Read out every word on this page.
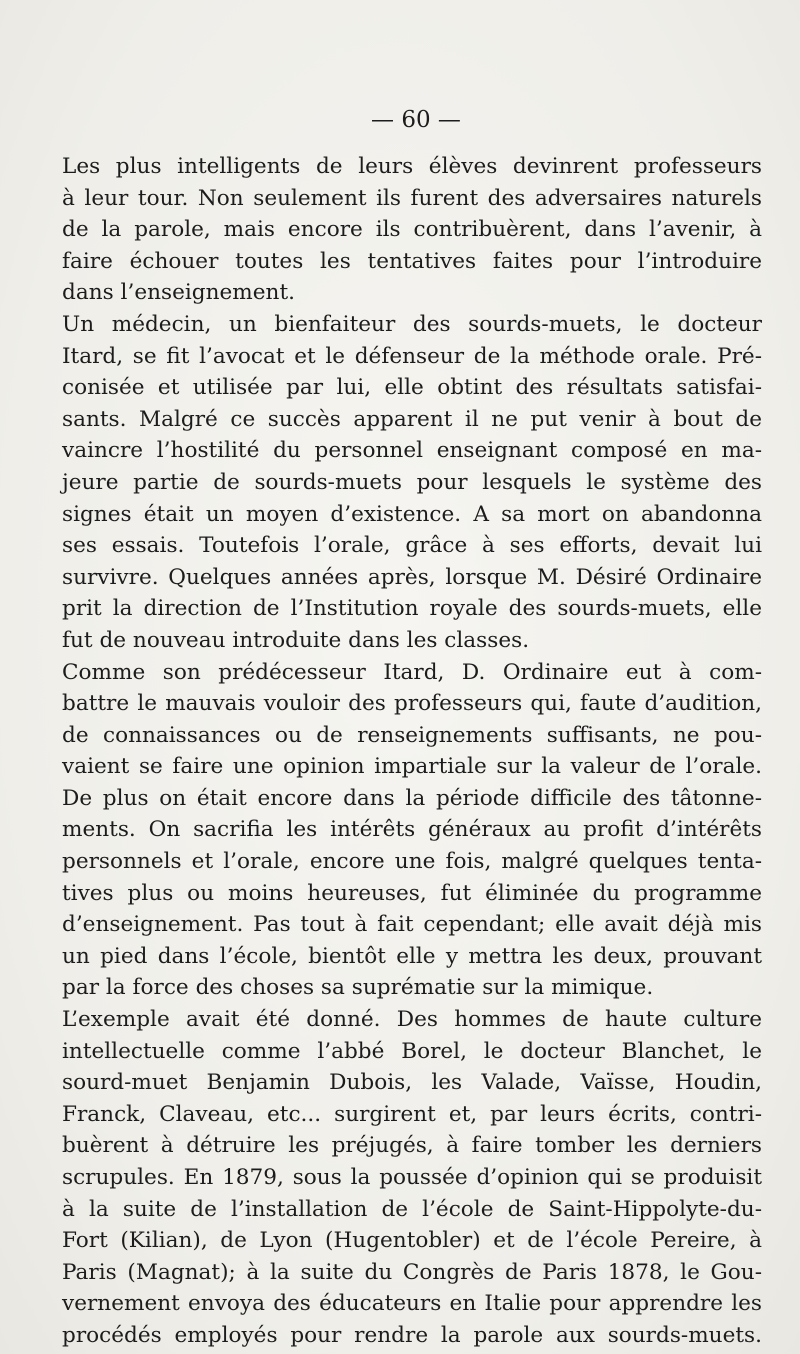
— 60 —
Les plus intelligents de leurs élèves devinrent professeurs
à leur tour. Non seulement ils furent des adversaires naturels
de la parole, mais encore ils contribuèrent, dans l’avenir, à
faire échouer toutes les tentatives faites pour l’introduire
dans l’enseignement.
Un médecin, un bienfaiteur des sourds-muets, le docteur
Itard, se fit l’avocat et le défenseur de la méthode orale. Pré-
conisée et utilisée par lui, elle obtint des résultats satisfai-
sants. Malgré ce succès apparent il ne put venir à bout de
vaincre l’hostilité du personnel enseignant composé en ma-
jeure partie de sourds-muets pour lesquels le système des
signes était un moyen d’existence. A sa mort on abandonna
ses essais. Toutefois l’orale, grâce à ses efforts, devait lui
survivre. Quelques années après, lorsque M. Désiré Ordinaire
prit la direction de l’Institution royale des sourds-muets, elle
fut de nouveau introduite dans les classes.
Comme son prédécesseur Itard, D. Ordinaire eut à com-
battre le mauvais vouloir des professeurs qui, faute d’audition,
de connaissances ou de renseignements suffisants, ne pou-
vaient se faire une opinion impartiale sur la valeur de l’orale.
De plus on était encore dans la période difficile des tâtonne-
ments. On sacrifia les intérêts généraux au profit d’intérêts
personnels et l’orale, encore une fois, malgré quelques tenta-
tives plus ou moins heureuses, fut éliminée du programme
d’enseignement. Pas tout à fait cependant; elle avait déjà mis
un pied dans l’école, bientôt elle y mettra les deux, prouvant
par la force des choses sa suprématie sur la mimique.
L’exemple avait été donné. Des hommes de haute culture
intellectuelle comme l’abbé Borel, le docteur Blanchet, le
sourd-muet Benjamin Dubois, les Valade, Vaïsse, Houdin,
Franck, Claveau, etc... surgirent et, par leurs écrits, contri-
buèrent à détruire les préjugés, à faire tomber les derniers
scrupules. En 1879, sous la poussée d’opinion qui se produisit
à la suite de l’installation de l’école de Saint-Hippolyte-du-
Fort (Kilian), de Lyon (Hugentobler) et de l’école Pereire, à
Paris (Magnat); à la suite du Congrès de Paris 1878, le Gou-
vernement envoya des éducateurs en Italie pour apprendre les
procédés employés pour rendre la parole aux sourds-muets.
